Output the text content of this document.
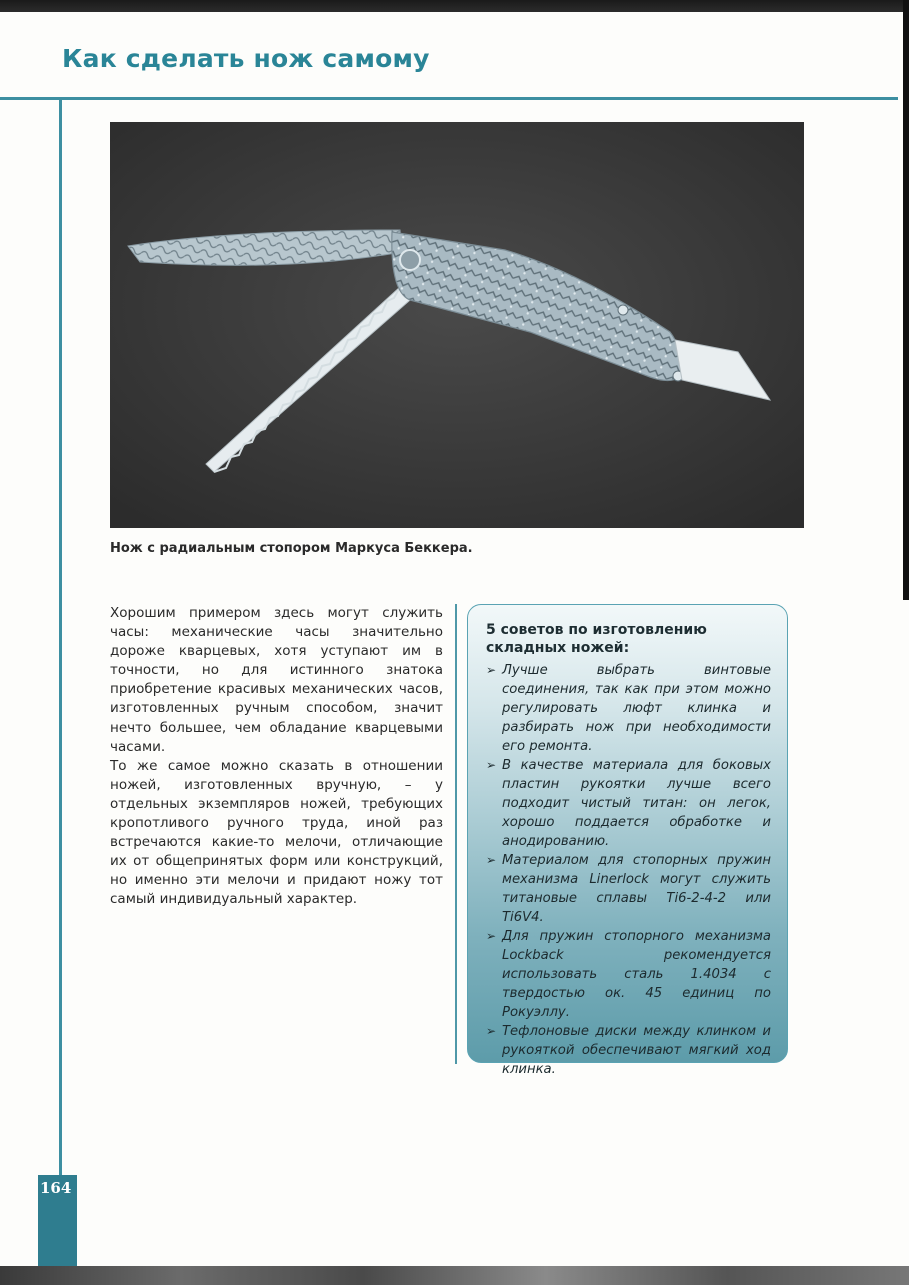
Как сделать нож самому
Нож с радиальным стопором Маркуса Беккера.

Хорошим примером здесь могут служить часы: механические часы значительно дороже кварцевых, хотя уступают им в точности, но для истинного знатока приобретение красивых механических часов, изготовленных ручным способом, значит нечто большее, чем обладание кварцевыми часами.

То же самое можно сказать в отношении ножей, изготовленных вручную, – у отдельных экземпляров ножей, требующих кропотливого ручного труда, иной раз встречаются какие-то мелочи, отличающие их от общепринятых форм или конструкций, но именно эти мелочи и придают ножу тот самый индивидуальный характер.

5 советов по изготовлению складных ножей:
➢ Лучше выбрать винтовые соединения, так как при этом можно регулировать люфт клинка и разбирать нож при необходимости его ремонта.
➢ В качестве материала для боковых пластин рукоятки лучше всего подходит чистый титан: он легок, хорошо поддается обработке и анодированию.
➢ Материалом для стопорных пружин механизма Linerlock могут служить титановые сплавы Ti6-2-4-2 или Ti6V4.
➢ Для пружин стопорного механизма Lockback рекомендуется использовать сталь 1.4034 с твердостью ок. 45 единиц по Рокуэллу.
➢ Тефлоновые диски между клинком и рукояткой обеспечивают мягкий ход клинка.
164
